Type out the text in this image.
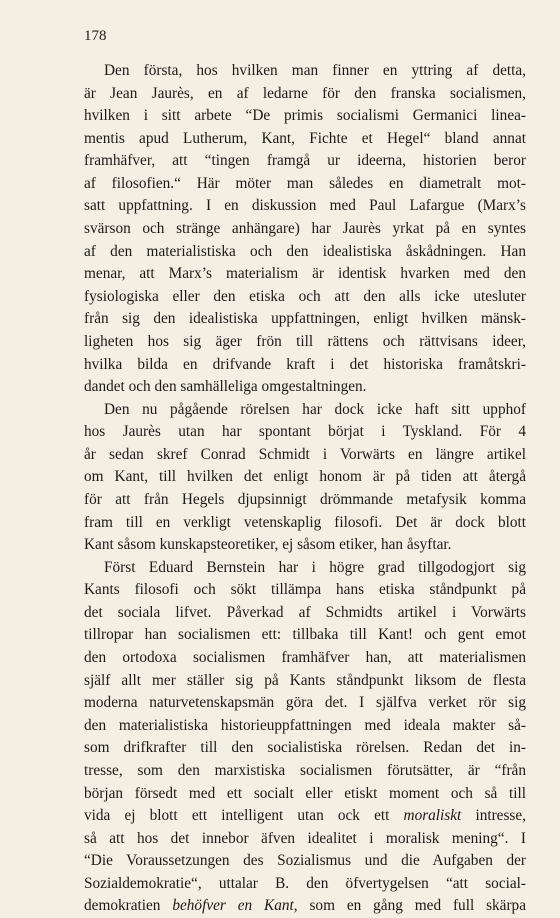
178
Den första, hos hvilken man finner en yttring af detta,
är Jean Jaurès, en af ledarne för den franska socialismen,
hvilken i sitt arbete “De primis socialismi Germanici linea-
mentis apud Lutherum, Kant, Fichte et Hegel“ bland annat
framhäfver, att “tingen framgå ur ideerna, historien beror
af filosofien.“ Här möter man således en diametralt mot-
satt uppfattning. I en diskussion med Paul Lafargue (Marx’s
svärson och stränge anhängare) har Jaurès yrkat på en syntes
af den materialistiska och den idealistiska åskådningen. Han
menar, att Marx’s materialism är identisk hvarken med den
fysiologiska eller den etiska och att den alls icke utesluter
från sig den idealistiska uppfattningen, enligt hvilken mänsk-
ligheten hos sig äger frön till rättens och rättvisans ideer,
hvilka bilda en drifvande kraft i det historiska framåtskri-
dandet och den samhälleliga omgestaltningen.
Den nu pågående rörelsen har dock icke haft sitt upphof
hos Jaurès utan har spontant börjat i Tyskland. För 4
år sedan skref Conrad Schmidt i Vorwärts en längre artikel
om Kant, till hvilken det enligt honom är på tiden att återgå
för att från Hegels djupsinnigt drömmande metafysik komma
fram till en verkligt vetenskaplig filosofi. Det är dock blott
Kant såsom kunskapsteoretiker, ej såsom etiker, han åsyftar.
Först Eduard Bernstein har i högre grad tillgodogjort sig
Kants filosofi och sökt tillämpa hans etiska ståndpunkt på
det sociala lifvet. Påverkad af Schmidts artikel i Vorwärts
tillropar han socialismen ett: tillbaka till Kant! och gent emot
den ortodoxa socialismen framhäfver han, att materialismen
själf allt mer ställer sig på Kants ståndpunkt liksom de flesta
moderna naturvetenskapsmän göra det. I själfva verket rör sig
den materialistiska historieuppfattningen med ideala makter så-
som drifkrafter till den socialistiska rörelsen. Redan det in-
tresse, som den marxistiska socialismen förutsätter, är “från
början försedt med ett socialt eller etiskt moment och så till
vida ej blott ett intelligent utan ock ett moraliskt intresse,
så att hos det innebor äfven idealitet i moralisk mening“. I
“Die Voraussetzungen des Sozialismus und die Aufgaben der
Sozialdemokratie“, uttalar B. den öfvertygelsen “att social-
demokratien behöfver en Kant, som en gång med full skärpa
